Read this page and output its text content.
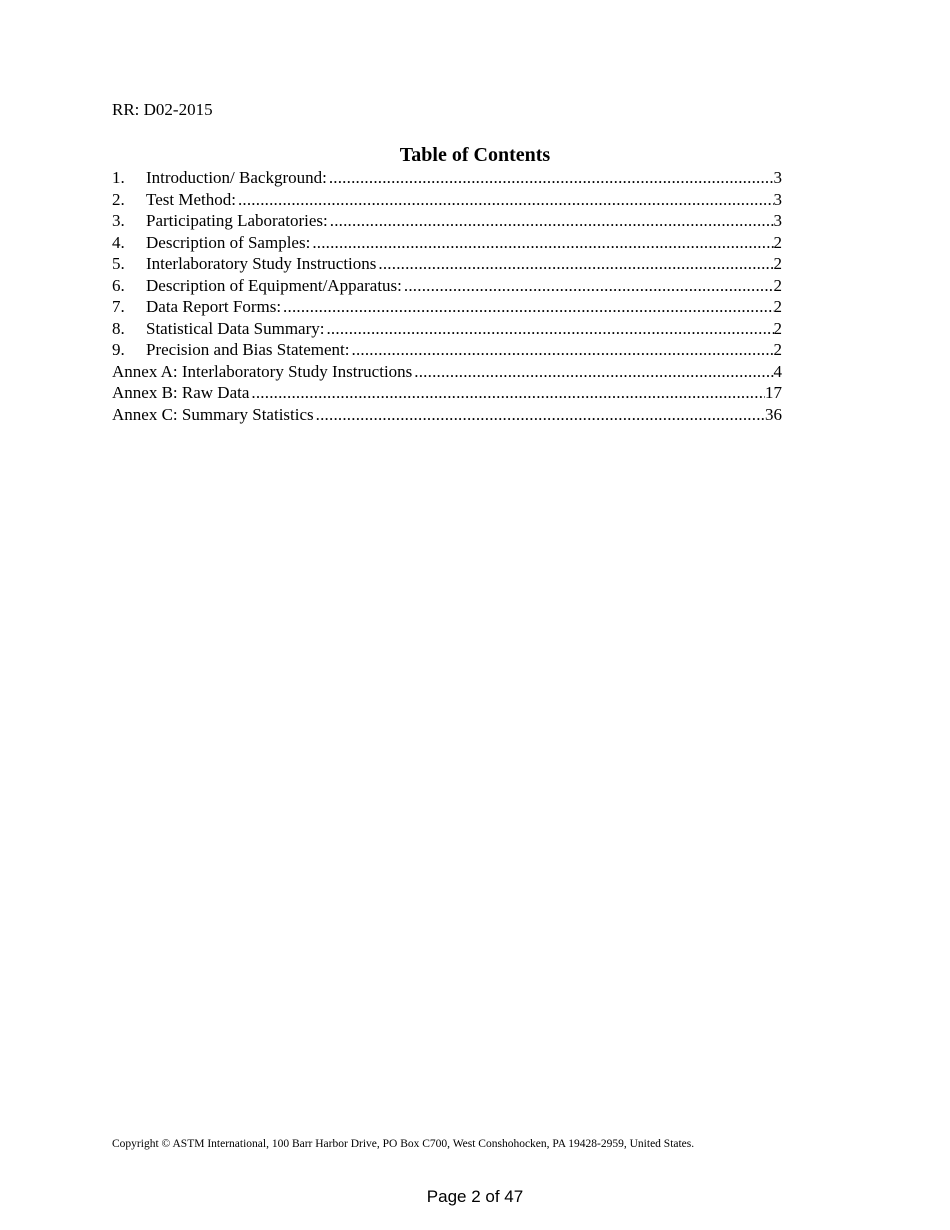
RR: D02-2015

Table of Contents
1.	Introduction/ Background: .....	3
2.	Test Method: .....	3
3.	Participating Laboratories: .....	3
4.	Description of Samples: .....	2
5.	Interlaboratory Study Instructions .....	2
6.	Description of Equipment/Apparatus: .....	2
7.	Data Report Forms: .....	2
8.	Statistical Data Summary: .....	2
9.	Precision and Bias Statement: .....	2
Annex A: Interlaboratory Study Instructions .....	4
Annex B: Raw Data .....	17
Annex C: Summary Statistics .....	36

Copyright © ASTM International, 100 Barr Harbor Drive, PO Box C700, West Conshohocken, PA 19428-2959, United States.

Page 2 of 47
